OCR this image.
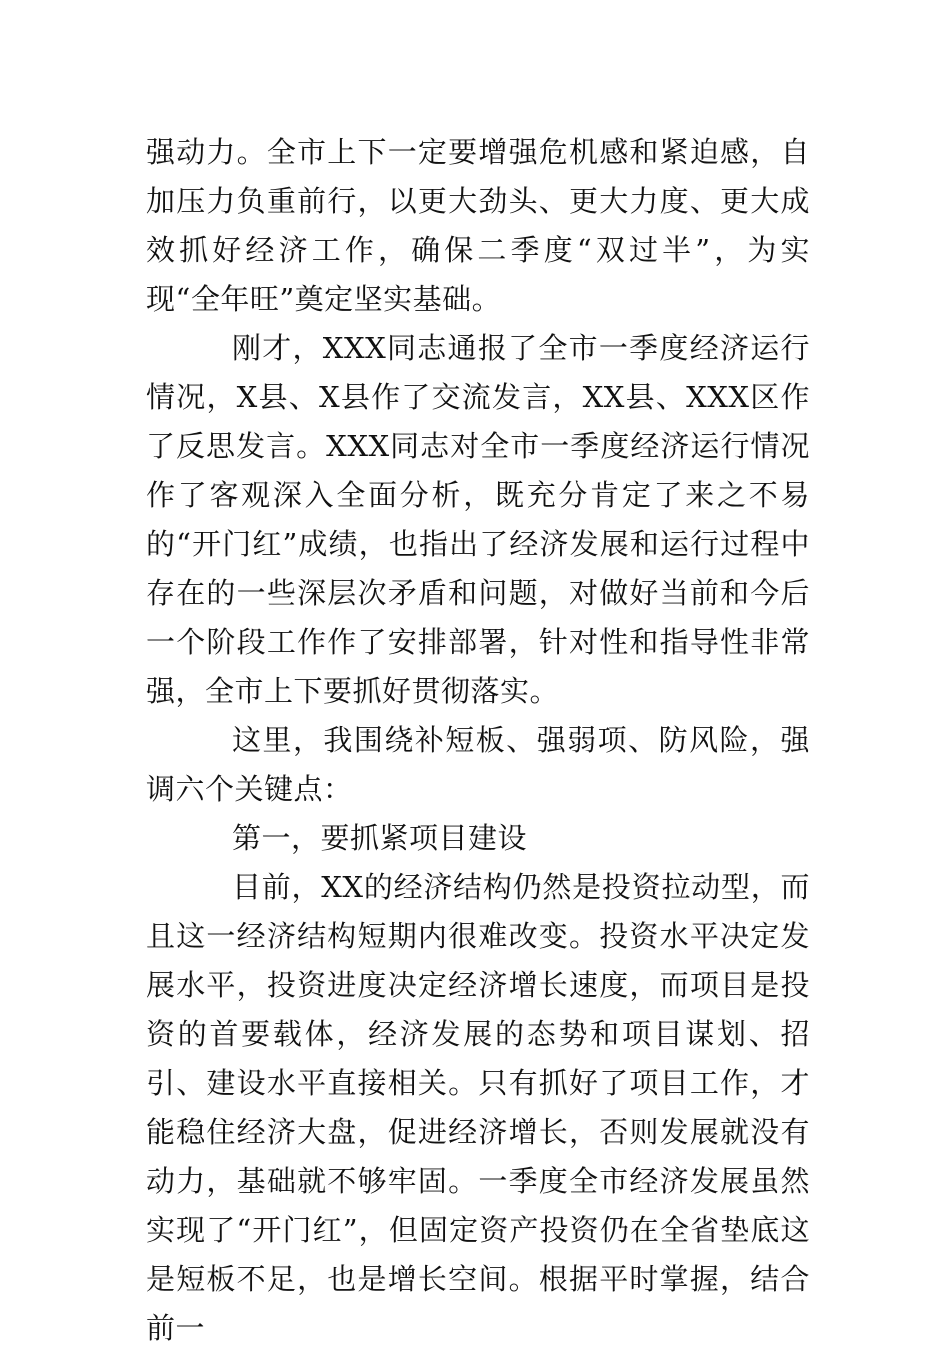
强动力。全市上下一定要增强危机感和紧迫感，自加压力负重前行，以更大劲头、更大力度、更大成效抓好经济工作，确保二季度“双过半”，为实现“全年旺”奠定坚实基础。

刚才，XXX同志通报了全市一季度经济运行情况，X县、X县作了交流发言，XX县、XXX区作了反思发言。XXX同志对全市一季度经济运行情况作了客观深入全面分析，既充分肯定了来之不易的“开门红”成绩，也指出了经济发展和运行过程中存在的一些深层次矛盾和问题，对做好当前和今后一个阶段工作作了安排部署，针对性和指导性非常强，全市上下要抓好贯彻落实。

这里，我围绕补短板、强弱项、防风险，强调六个关键点：

第一，要抓紧项目建设

目前，XX的经济结构仍然是投资拉动型，而且这一经济结构短期内很难改变。投资水平决定发展水平，投资进度决定经济增长速度，而项目是投资的首要载体，经济发展的态势和项目谋划、招引、建设水平直接相关。只有抓好了项目工作，才能稳住经济大盘，促进经济增长，否则发展就没有动力，基础就不够牢固。一季度全市经济发展虽然实现了“开门红”，但固定资产投资仍在全省垫底这是短板不足，也是增长空间。根据平时掌握，结合前一
